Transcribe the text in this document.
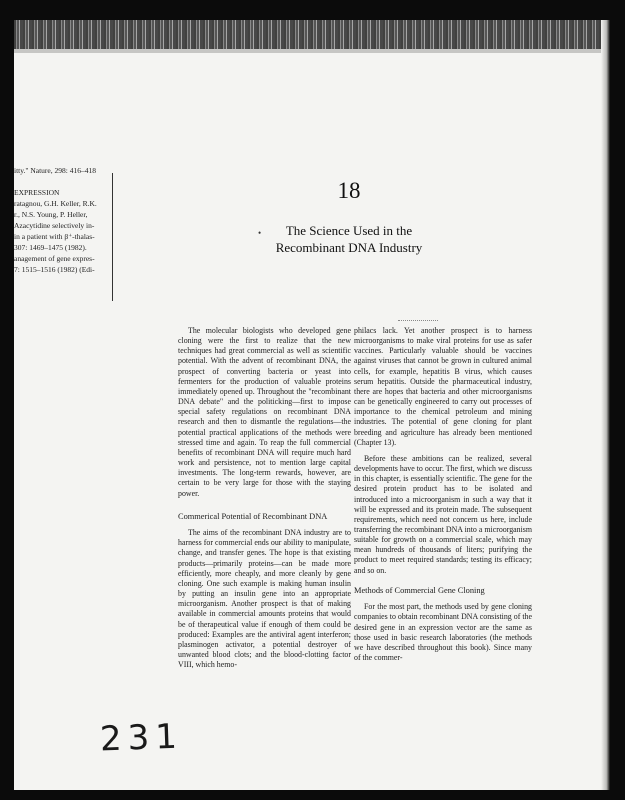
itty." Nature, 298: 416–418
EXPRESSION
ratagnou, G.H. Keller, R.K.
r., N.S. Young, P. Heller,
Azacytidine selectively in-
in a patient with β⁺-thalas-
307: 1469–1475 (1982).
anagement of gene expres-
7: 1515–1516 (1982) (Edi-
18
•	The Science Used in the
Recombinant DNA Industry

The molecular biologists who developed gene cloning were the first to realize that the new techniques had great commercial as well as scientific potential. With the advent of recombinant DNA, the prospect of converting bacteria or yeast into fermenters for the production of valuable proteins immediately opened up. Throughout the "recombinant DNA debate" and the politicking—first to impose special safety regulations on recombinant DNA research and then to dismantle the regulations—the potential practical applications of the methods were stressed time and again. To reap the full commercial benefits of recombinant DNA will require much hard work and persistence, not to mention large capital investments. The long-term rewards, however, are certain to be very large for those with the staying power.

Commerical Potential of Recombinant DNA

The aims of the recombinant DNA industry are to harness for commercial ends our ability to manipulate, change, and transfer genes. The hope is that existing products—primarily proteins—can be made more efficiently, more cheaply, and more cleanly by gene cloning. One such example is making human insulin by putting an insulin gene into an appropriate microorganism. Another prospect is that of making available in commercial amounts proteins that would be of therapeutical value if enough of them could be produced: Examples are the antiviral agent interferon; plasminogen activator, a potential destroyer of unwanted blood clots; and the blood-clotting factor VIII, which hemo-

philacs lack. Yet another prospect is to harness microorganisms to make viral proteins for use as safer vaccines. Particularly valuable should be vaccines against viruses that cannot be grown in cultured animal cells, for example, hepatitis B virus, which causes serum hepatitis. Outside the pharmaceutical industry, there are hopes that bacteria and other microorganisms can be genetically engineered to carry out processes of importance to the chemical petroleum and mining industries. The potential of gene cloning for plant breeding and agriculture has already been mentioned (Chapter 13).

Before these ambitions can be realized, several developments have to occur. The first, which we discuss in this chapter, is essentially scientific. The gene for the desired protein product has to be isolated and introduced into a microorganism in such a way that it will be expressed and its protein made. The subsequent requirements, which need not concern us here, include transferring the recombinant DNA into a microorganism suitable for growth on a commercial scale, which may mean hundreds of thousands of liters; purifying the product to meet required standards; testing its efficacy; and so on.

Methods of Commercial Gene Cloning

For the most part, the methods used by gene cloning companies to obtain recombinant DNA consisting of the desired gene in an expression vector are the same as those used in basic research laboratories (the methods we have described throughout this book). Since many of the commer-

231
